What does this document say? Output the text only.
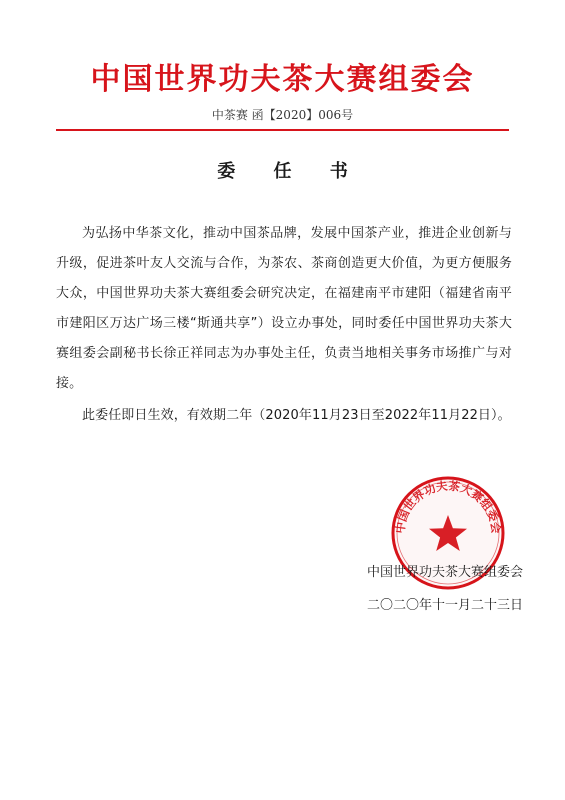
中国世界功夫茶大赛组委会
中茶赛 函【2020】006号
委 任 书

为弘扬中华茶文化，推动中国茶品牌，发展中国茶产业，推进企业创新与升级，促进茶叶友人交流与合作，为茶农、茶商创造更大价值，为更方便服务大众，中国世界功夫茶大赛组委会研究决定，在福建南平市建阳（福建省南平市建阳区万达广场三楼“斯通共享”）设立办事处，同时委任中国世界功夫茶大赛组委会副秘书长徐正祥同志为办事处主任，负责当地相关事务市场推广与对接。

此委任即日生效，有效期二年（2020年11月23日至2022年11月22日）。

中国世界功夫茶大赛组委会
中国世界功夫茶大赛组委会
二〇二〇年十一月二十三日
